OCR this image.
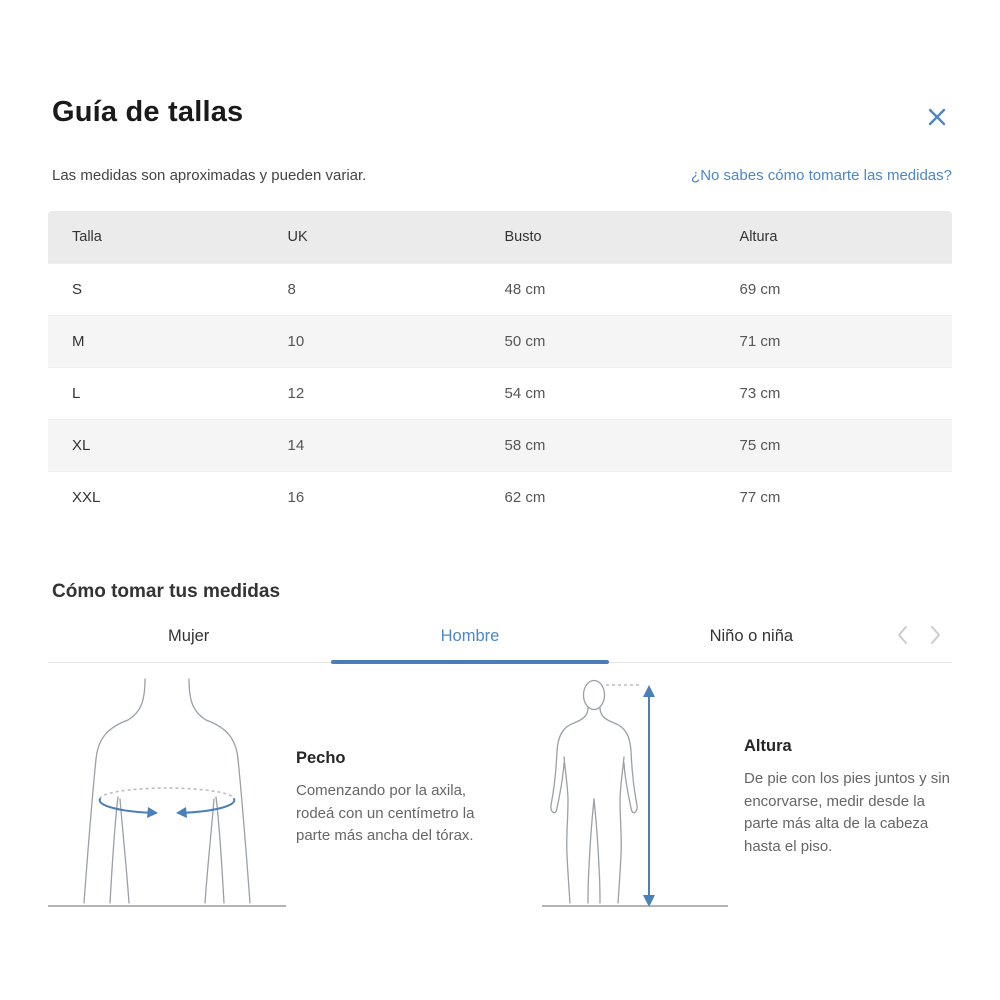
Guía de tallas
Las medidas son aproximadas y pueden variar.	¿No sabes cómo tomarte las medidas?
Talla	UK	Busto	Altura
S	8	48 cm	69 cm
M	10	50 cm	71 cm
L	12	54 cm	73 cm
XL	14	58 cm	75 cm
XXL	16	62 cm	77 cm
Cómo tomar tus medidas
Mujer	Hombre	Niño o niña
Pecho
Comenzando por la axila, rodeá con un centímetro la parte más ancha del tórax.
Altura
De pie con los pies juntos y sin encorvarse, medir desde la parte más alta de la cabeza hasta el piso.
